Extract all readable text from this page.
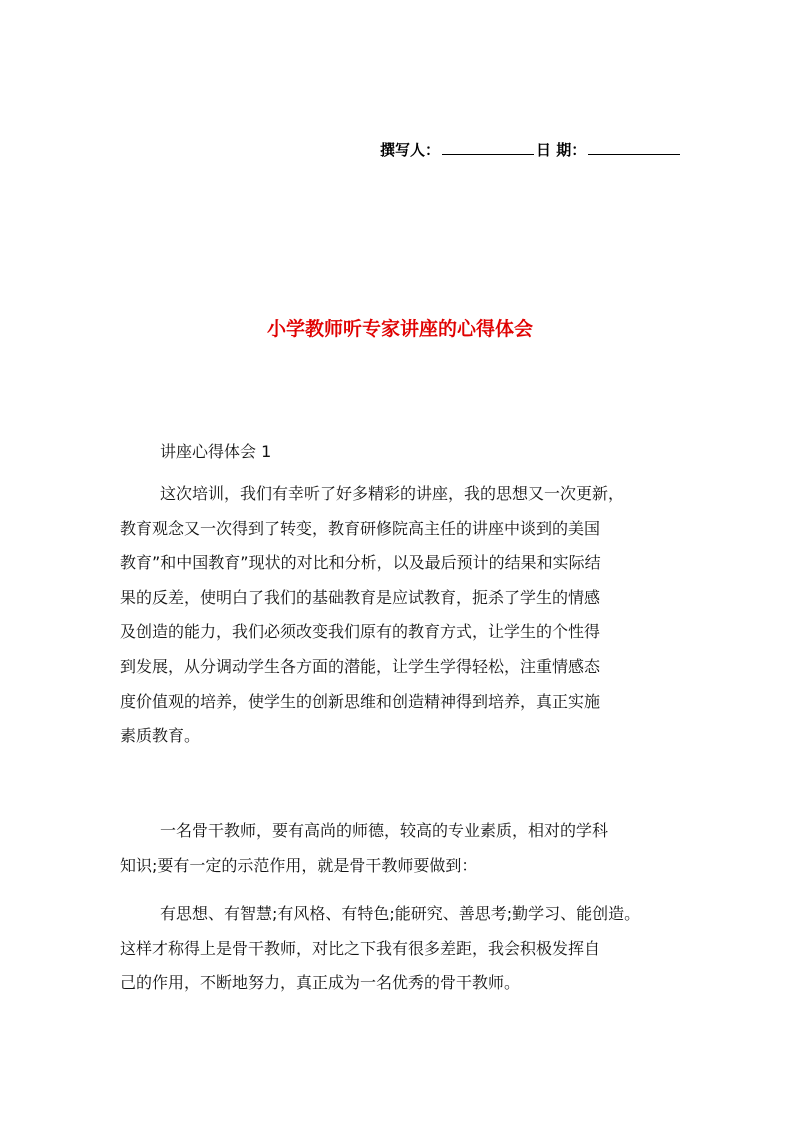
撰写人：	日 期：
小学教师听专家讲座的心得体会
讲座心得体会 1
这次培训，我们有幸听了好多精彩的讲座，我的思想又一次更新，
教育观念又一次得到了转变，教育研修院高主任的讲座中谈到的美国
教育”和中国教育”现状的对比和分析，以及最后预计的结果和实际结
果的反差，使明白了我们的基础教育是应试教育，扼杀了学生的情感
及创造的能力，我们必须改变我们原有的教育方式，让学生的个性得
到发展，从分调动学生各方面的潜能，让学生学得轻松，注重情感态
度价值观的培养，使学生的创新思维和创造精神得到培养，真正实施
素质教育。
一名骨干教师，要有高尚的师德，较高的专业素质，相对的学科
知识;要有一定的示范作用，就是骨干教师要做到：
有思想、有智慧;有风格、有特色;能研究、善思考;勤学习、能创造。
这样才称得上是骨干教师，对比之下我有很多差距，我会积极发挥自
己的作用，不断地努力，真正成为一名优秀的骨干教师。
